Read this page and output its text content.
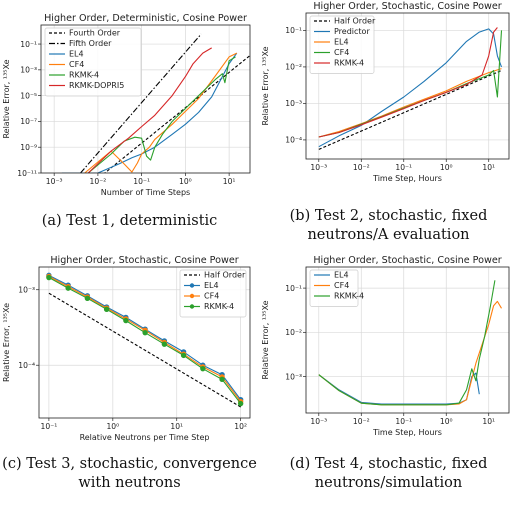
10⁻³	10⁻²	10⁻¹	10⁰	10¹
10⁻¹¹
10⁻⁹
10⁻⁷
10⁻⁵
10⁻³
10⁻¹
Higher Order, Deterministic, Cosine Power
Number of Time Steps
Relative Error, ¹³⁵Xe
Fourth Order
Fifth Order
EL4
CF4
RKMK-4
RKMK-DOPRI5
(a) Test 1, deterministic
10⁻³	10⁻²	10⁻¹	10⁰	10¹
10⁻⁴
10⁻³
10⁻²
10⁻¹
Higher Order, Stochastic, Cosine Power
Time Step, Hours
Relative Error, ¹³⁵Xe
Half Order
Predictor
EL4
CF4
RKMK-4
(b) Test 2, stochastic, fixed
neutrons/A evaluation
10⁻¹	10⁰	10¹	10²
10⁻⁴
10⁻³
Higher Order, Stochastic, Cosine Power
Relative Neutrons per Time Step
Relative Error, ¹³⁵Xe
Half Order
EL4
CF4
RKMK-4
(c) Test 3, stochastic, convergence
with neutrons
10⁻³	10⁻²	10⁻¹	10⁰	10¹
10⁻³
10⁻²
10⁻¹
Higher Order, Stochastic, Cosine Power
Time Step, Hours
Relative Error, ¹³⁵Xe
EL4
CF4
RKMK-4
(d) Test 4, stochastic, fixed
neutrons/simulation
